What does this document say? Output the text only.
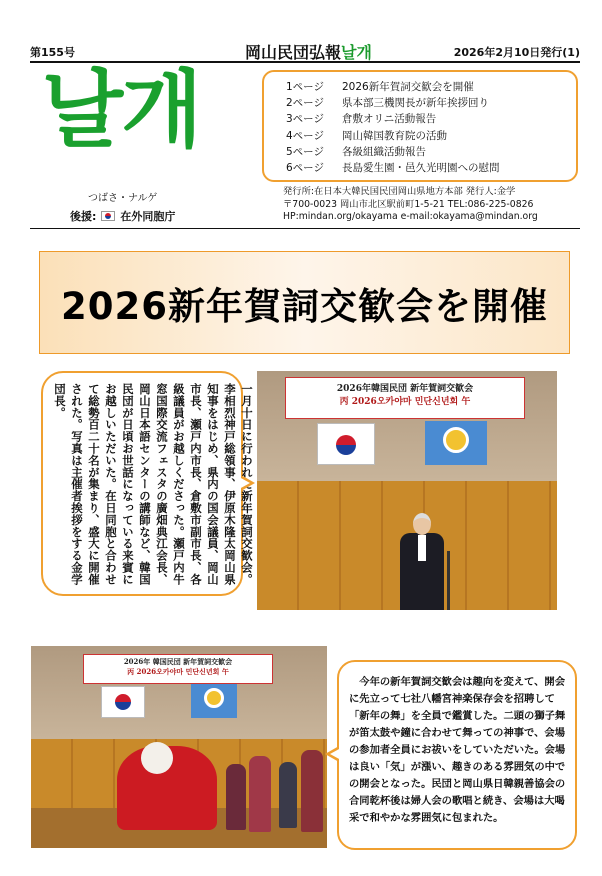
第155号	岡山民団弘報날개	2026年2月10日発行(1)
날개
つばさ・ナルゲ
後援: 在外同胞庁
1ページ 2026新年賀詞交歓会を開催
2ページ 県本部三機関長が新年挨拶回り
3ページ 倉敷オリニ活動報告
4ページ 岡山韓国教育院の活動
5ページ 各級組織活動報告
6ページ 長島愛生園・邑久光明園への慰問
発行所:在日本大韓民国民団岡山県地方本部 発行人:金学
〒700-0023 岡山市北区駅前町1-5-21 TEL:086-225-0826
HP:mindan.org/okayama e-mail:okayama@mindan.org
2026新年賀詞交歓会を開催
一月十日に行われた新年賀詞交歓会。李相烈神戸総領事、伊原木隆太岡山県知事をはじめ、県内の国会議員、岡山市長、瀬戸内市長、倉敷市副市長、各級議員がお越しくださった。瀬戸内牛窓国際交流フェスタの廣畑典江会長、岡山日本語センターの講師など、韓国民団が日頃お世話になっている来賓にお越しいただいた。在日同胞と合わせて総勢百二十名が集まり、盛大に開催された。写真は主催者挨拶をする金学団長。	2026年韓国民団 新年賀詞交歓会
丙 2026오카야마 민단신년회 午
2026年 韓国民団 新年賀詞交歓会
丙 2026오카야마 민단신년회 午

今年の新年賀詞交歓会は趣向を変えて、開会に先立って七社八幡宮神楽保存会を招聘して「新年の舞」を全員で鑑賞した。二頭の獅子舞が笛太鼓や鐘に合わせて舞っての神事で、会場の参加者全員にお祓いをしていただいた。会場は良い「気」が漲い、趣きのある雰囲気の中での開会となった。民団と岡山県日韓親善協会の合同乾杯後は婦人会の歌唱と続き、会場は大喝采で和やかな雰囲気に包まれた。
